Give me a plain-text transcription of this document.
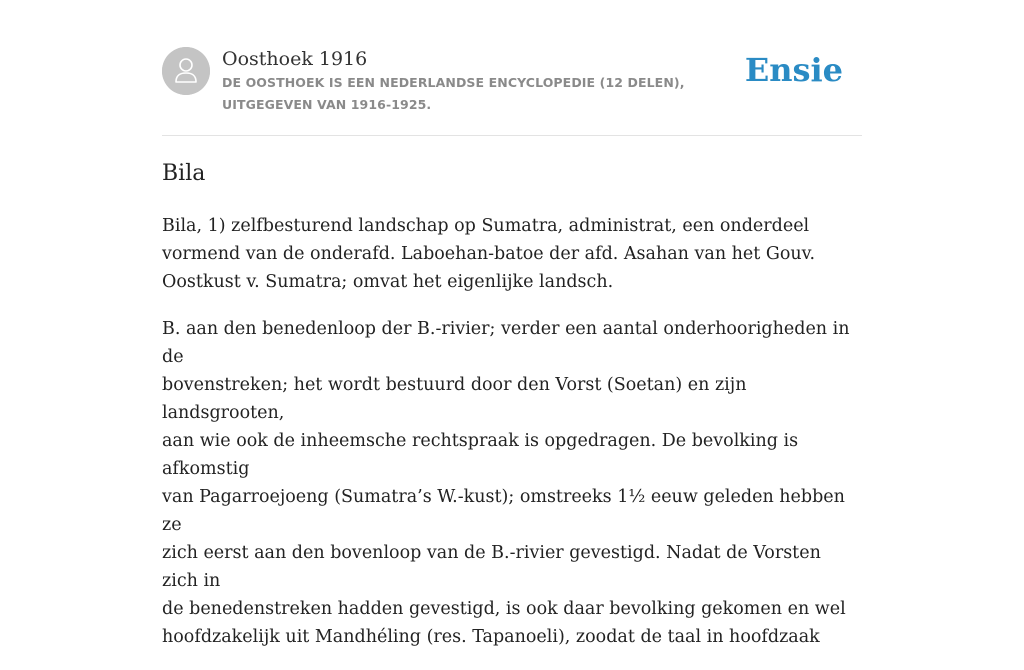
Oosthoek 1916
DE OOSTHOEK IS EEN NEDERLANDSE ENCYCLOPEDIE (12 DELEN), UITGEGEVEN VAN 1916-1925.
Ensie
Bila

Bila, 1) zelfbesturend landschap op Sumatra, administrat, een onderdeel
vormend van de onderafd. Laboehan-batoe der afd. Asahan van het Gouv.
Oostkust v. Sumatra; omvat het eigenlijke landsch.

B. aan den benedenloop der B.-rivier; verder een aantal onderhoorigheden in de
bovenstreken; het wordt bestuurd door den Vorst (Soetan) en zijn landsgrooten,
aan wie ook de inheemsche rechtspraak is opgedragen. De bevolking is afkomstig
van Pagarroejoeng (Sumatra’s W.-kust); omstreeks 1½ eeuw geleden hebben ze
zich eerst aan den bovenloop van de B.-rivier gevestigd. Nadat de Vorsten zich in
de benedenstreken hadden gevestigd, is ook daar bevolking gekomen en wel
hoofdzakelijk uit Mandhéling (res. Tapanoeli), zoodat de taal in hoofdzaak
